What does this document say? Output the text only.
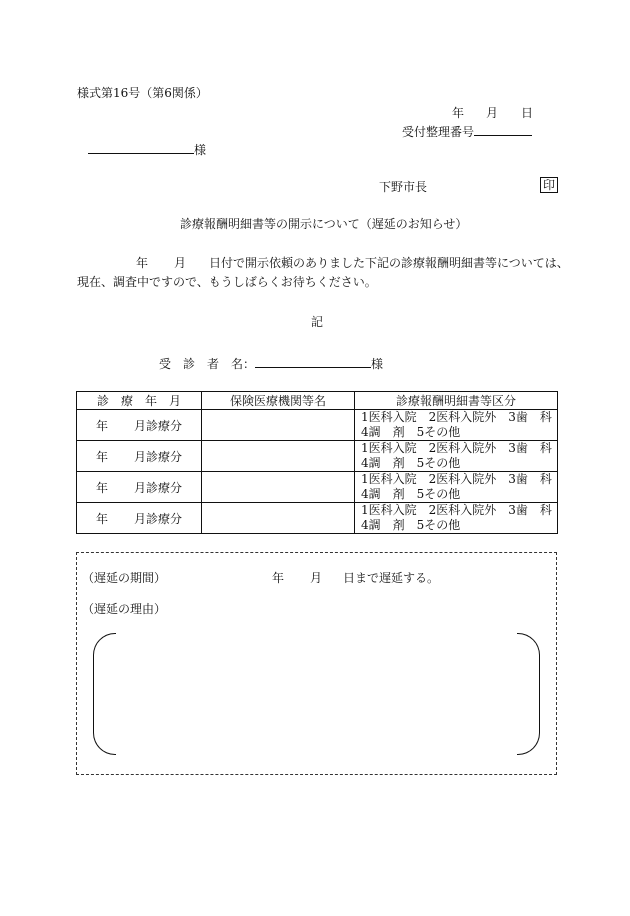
様式第16号（第6関係）
年 月 日
受付整理番号
様
下野市長	印
診療報酬明細書等の開示について（遅延のお知らせ）
年 月 日付で開示依頼のありました下記の診療報酬明細書等については、
現在、調査中ですので、もうしばらくお待ちください。
記
受　診　者　名：	様
診　療　年　月	保険医療機関等名	診療報酬明細書等区分
年 月診療分		1医科入院　2医科入院外　3歯　科
4調　剤　5その他

年 月診療分		1医科入院　2医科入院外　3歯　科
4調　剤　5その他

年 月診療分		1医科入院　2医科入院外　3歯　科
4調　剤　5その他

年 月診療分		1医科入院　2医科入院外　3歯　科
4調　剤　5その他
（遅延の期間）	年 月 日まで遅延する。
（遅延の理由）
